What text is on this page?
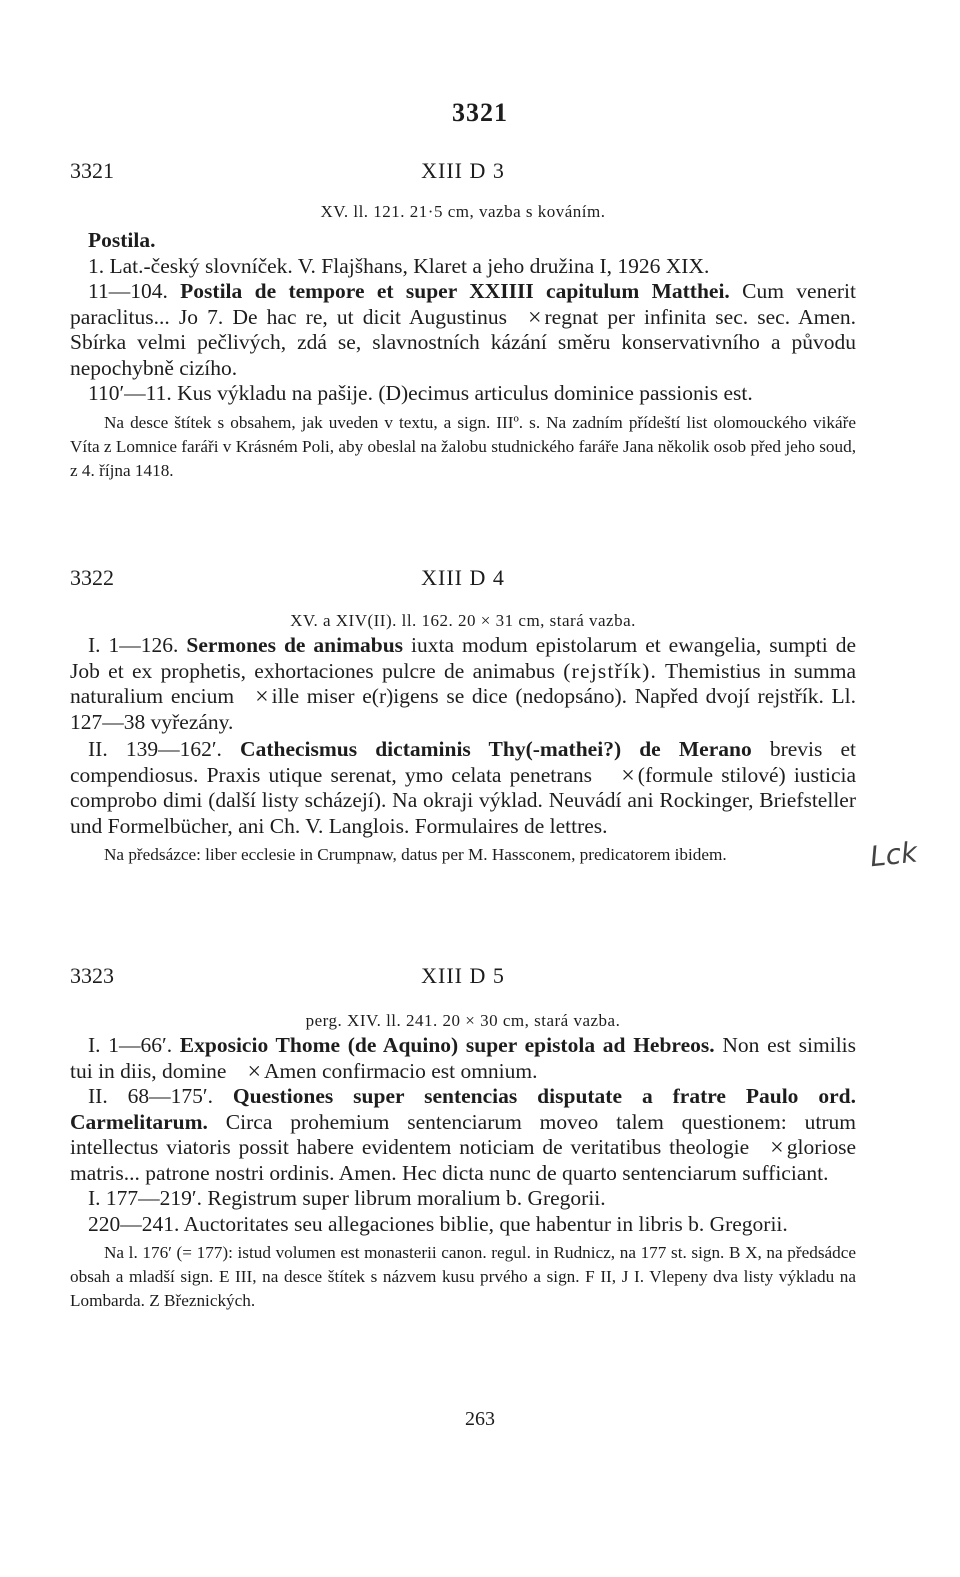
3321
3321	XIII D 3
XV. ll. 121. 21·5 cm, vazba s kováním.

Postila.

1. Lat.-český slovníček. V. Flajšhans, Klaret a jeho družina I, 1926 XIX.

11—104. Postila de tempore et super XXIIII capitulum Matthei. Cum venerit paraclitus... Jo 7. De hac re, ut dicit Augustinus × regnat per infinita sec. sec. Amen. Sbírka velmi pečlivých, zdá se, slavnostních kázání směru konservativního a původu nepochybně cizího.

110′—11. Kus výkladu na pašije. (D)ecimus articulus dominice passionis est.

Na desce štítek s obsahem, jak uveden v textu, a sign. IIIº. s. Na zadním přídeští list olomouckého vikáře Víta z Lomnice faráři v Krásném Poli, aby obeslal na žalobu studnického faráře Jana několik osob před jeho soud, z 4. října 1418.

3322	XIII D 4
XV. a XIV(II). ll. 162. 20 × 31 cm, stará vazba.

I. 1—126. Sermones de animabus iuxta modum epistolarum et ewangelia, sumpti de Job et ex prophetis, exhortaciones pulcre de animabus (rejstřík). Themistius in summa naturalium encium × ille miser e(r)igens se dice (nedopsáno). Napřed dvojí rejstřík. Ll. 127—38 vyřezány.

II. 139—162′. Cathecismus dictaminis Thy(-mathei?) de Merano brevis et compendiosus. Praxis utique serenat, ymo celata penetrans × (formule stilové) iusticia comprobo dimi (další listy scházejí). Na okraji výklad. Neuvádí ani Rockinger, Briefsteller und Formelbücher, ani Ch. V. Langlois. Formulaires de lettres.

Na předsázce: liber ecclesie in Crumpnaw, datus per M. Hassconem, predicatorem ibidem.	Lck
3323	XIII D 5
perg. XIV. ll. 241. 20 × 30 cm, stará vazba.

I. 1—66′. Exposicio Thome (de Aquino) super epistola ad Hebreos. Non est similis tui in diis, domine × Amen confirmacio est omnium.

II. 68—175′. Questiones super sentencias disputate a fratre Paulo ord. Carmelitarum. Circa prohemium sentenciarum moveo talem questionem: utrum intellectus viatoris possit habere evidentem noticiam de veritatibus theologie × gloriose matris... patrone nostri ordinis. Amen. Hec dicta nunc de quarto sentenciarum sufficiant.

I. 177—219′. Registrum super librum moralium b. Gregorii.

220—241. Auctoritates seu allegaciones biblie, que habentur in libris b. Gregorii.

Na l. 176′ (= 177): istud volumen est monasterii canon. regul. in Rudnicz, na 177 st. sign. B X, na předsádce obsah a mladší sign. E III, na desce štítek s názvem kusu prvého a sign. F II, J I. Vlepeny dva listy výkladu na Lombarda. Z Březnických.

263
